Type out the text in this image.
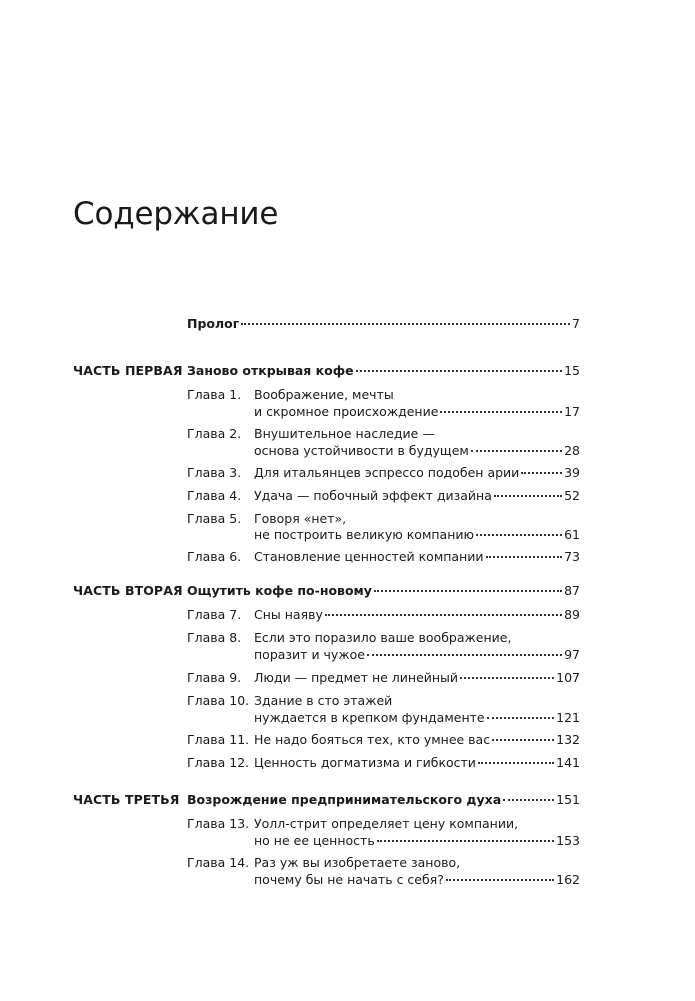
Содержание
Пролог	7
ЧАСТЬ ПЕРВАЯ Заново открывая кофе	15
Глава 1. Воображение, мечты
и скромное происхождение	17
Глава 2. Внушительное наследие —
основа устойчивости в будущем	28
Глава 3. Для итальянцев эспрессо подобен арии	39
Глава 4. Удача — побочный эффект дизайна	52
Глава 5. Говоря «нет»,
не построить великую компанию	61
Глава 6. Становление ценностей компании	73
ЧАСТЬ ВТОРАЯ Ощутить кофе по-новому	87
Глава 7. Сны наяву	89
Глава 8. Если это поразило ваше воображение,
поразит и чужое	97
Глава 9. Люди — предмет не линейный	107
Глава 10. Здание в сто этажей
нуждается в крепком фундаменте	121
Глава 11. Не надо бояться тех, кто умнее вас	132
Глава 12. Ценность догматизма и гибкости	141
ЧАСТЬ ТРЕТЬЯ Возрождение предпринимательского духа	151
Глава 13. Уолл-стрит определяет цену компании,
но не ее ценность	153
Глава 14. Раз уж вы изобретаете заново,
почему бы не начать с себя?	162
